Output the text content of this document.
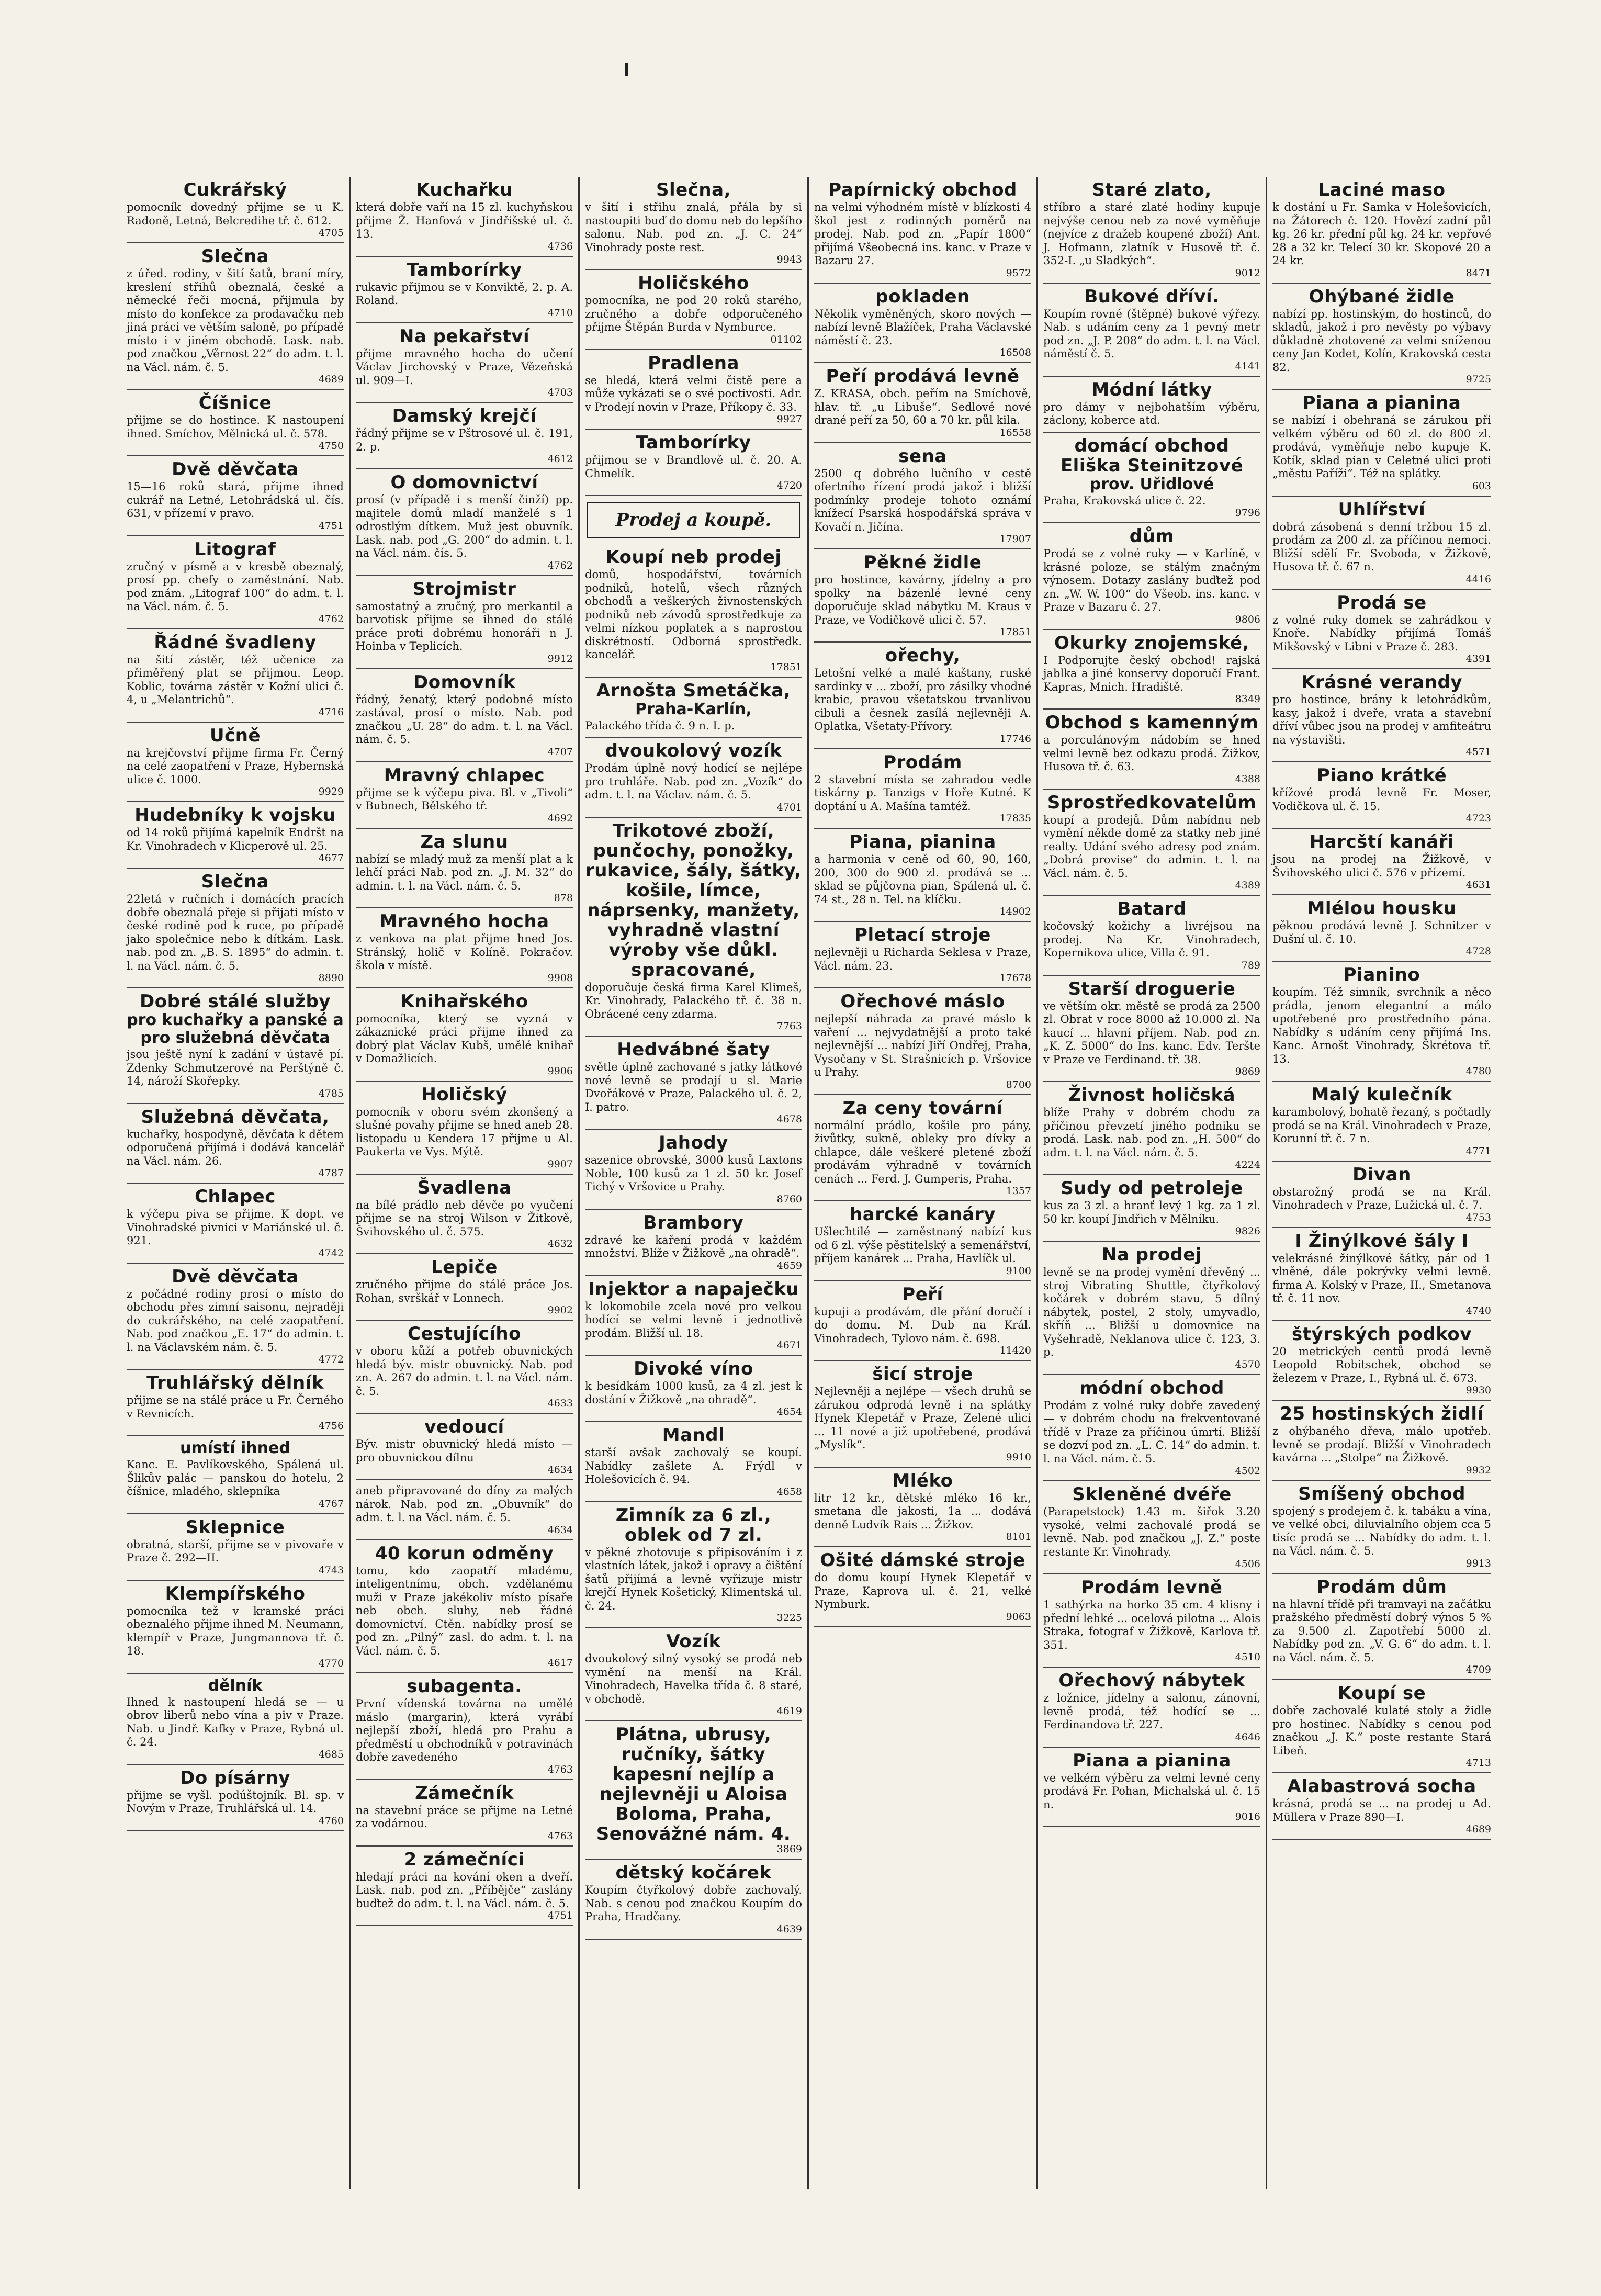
Cukrářský

pomocník dovedný přijme se u K. Radoně, Letná, Belcredihe tř. č. 612.

4705
Slečna

z úřed. rodiny, v šití šatů, braní míry, kreslení střihů obeznalá, české a německé řeči mocná, přijmula by místo do konfekce za prodavačku neb jiná práci ve větším saloně, po případě místo i v jiném obchodě. Lask. nab. pod značkou „Věrnost 22“ do adm. t. l. na Václ. nám. č. 5.

4689
Číšnice

přijme se do hostince. K nastoupení ihned. Smíchov, Mělnická ul. č. 578.

4750
Dvě děvčata

15—16 roků stará, přijme ihned cukrář na Letné, Letohrádská ul. čís. 631, v přízemí v pravo.

4751
Litograf

zručný v písmě a v kresbě obeznalý, prosí pp. chefy o zaměstnání. Nab. pod znám. „Litograf 100“ do adm. t. l. na Václ. nám. č. 5.

4762
Řádné švadleny

na šití zástěr, též učenice za přiměřený plat se přijmou. Leop. Koblic, továrna zástěr v Kožní ulici č. 4, u „Melantrichů“.

4716
Učně

na krejčovství přijme firma Fr. Černý na celé zaopatření v Praze, Hybernská ulice č. 1000.

9929
Hudebníky k vojsku

od 14 roků přijímá kapelník Endršt na Kr. Vinohradech v Klicperově ul. 25.

4677
Slečna

22letá v ručních i domácích pracích dobře obeznalá přeje si přijati místo v české rodině pod k ruce, po případě jako společnice nebo k dítkám. Lask. nab. pod zn. „B. S. 1895“ do admin. t. l. na Václ. nám. č. 5.

8890
Dobré stálé služby
pro kuchařky a panské a pro služebná děvčata

jsou ještě nyní k zadání v ústavě pí. Zdenky Schmutzerové na Perštýně č. 14, nároží Skořepky.

4785
Služebná děvčata,

kuchařky, hospodyně, děvčata k dětem odporučená přijímá i dodává kancelář na Václ. nám. 26.

4787
Chlapec

k výčepu piva se přijme. K dopt. ve Vinohradské pivnici v Mariánské ul. č. 921.

4742
Dvě děvčata

z počádné rodiny prosí o místo do obchodu přes zimní saisonu, nejraději do cukrářského, na celé zaopatření. Nab. pod značkou „E. 17“ do admin. t. l. na Václavském nám. č. 5.

4772
Truhlářský dělník

přijme se na stálé práce u Fr. Černého v Revnicích.

4756
umístí ihned

Kanc. E. Pavlíkovského, Spálená ul. Šlikův palác — panskou do hotelu, 2 číšnice, mladého, sklepníka

4767
Sklepnice

obratná, starší, přijme se v pivovaře v Praze č. 292—II.

4743
Klempířského

pomocníka tež v kramské práci obeznalého přijme ihned M. Neumann, klempíř v Praze, Jungmannova tř. č. 18.

4770
dělník

Ihned k nastoupení hledá se — u obrov liberů nebo vína a piv v Praze. Nab. u Jindř. Kafky v Praze, Rybná ul. č. 24.

4685
Do písárny

přijme se vyšl. podúštojník. Bl. sp. v Novým v Praze, Truhlářská ul. 14.

4760
Kuchařku

která dobře vaří na 15 zl. kuchyňskou přijme Ž. Hanfová v Jindřišské ul. č. 13.

4736
Tamborírky

rukavic přijmou se v Konviktě, 2. p. A. Roland.

4710
Na pekařství

přijme mravného hocha do učení Václav Jirchovský v Praze, Vězeňská ul. 909—I.

4703
Damský krejčí

řádný přijme se v Pštrosové ul. č. 191, 2. p.

4612
O domovnictví

prosí (v případě i s menší činží) pp. majitele domů mladí manželé s 1 odrostlým dítkem. Muž jest obuvník. Lask. nab. pod „G. 200“ do admin. t. l. na Václ. nám. čís. 5.

4762
Strojmistr

samostatný a zručný, pro merkantil a barvotisk přijme se ihned do stálé práce proti dobrému honoráři n J. Hoinba v Teplicích.

9912
Domovník

řádný, ženatý, který podobné místo zastával, prosí o místo. Nab. pod značkou „U. 28“ do adm. t. l. na Václ. nám. č. 5.

4707
Mravný chlapec

přijme se k výčepu piva. Bl. v „Tivoli“ v Bubnech, Bělského tř.

4692
Za slunu

nabízí se mladý muž za menší plat a k lehčí práci Nab. pod zn. „J. M. 32“ do admin. t. l. na Václ. nám. č. 5.

878
Mravného hocha

z venkova na plat přijme hned Jos. Stránský, holič v Kolíně. Pokračov. škola v místě.

9908
Knihařského

pomocníka, který se vyzná v zákaznické práci přijme ihned za dobrý plat Václav Kubš, umělé knihař v Domažlicích.

9906
Holičský

pomocník v oboru svém zkonšený a slušné povahy přijme se hned aneb 28. listopadu u Kendera 17 přijme u Al. Paukerta ve Vys. Mýtě.

9907
Švadlena

na bílé prádlo neb děvče po vyučení přijme se na stroj Wilson v Žitkově, Švihovského ul. č. 575.

4632
Lepiče

zručného přijme do stálé práce Jos. Rohan, svrškář v Lonnech.

9902
Cestujícího

v oboru kůží a potřeb obuvnických hledá býv. mistr obuvnický. Nab. pod zn. A. 267 do admin. t. l. na Václ. nám. č. 5.

4633
vedoucí

Býv. mistr obuvnický hledá místo — pro obuvnickou dílnu

4634

aneb připravované do díny za malých nárok. Nab. pod zn. „Obuvník“ do adm. t. l. na Václ. nám. č. 5.

4634
40 korun odměny

tomu, kdo zaopatří mladému, inteligentnímu, obch. vzdělanému muži v Praze jakékoliv místo písaře neb obch. sluhy, neb řádné domovnictví. Ctěn. nabídky prosí se pod zn. „Pilný“ zasl. do adm. t. l. na Václ. nám. č. 5.

4617
subagenta.

První vídenská továrna na umělé máslo (margarin), která vyrábí nejlepší zboží, hledá pro Prahu a předměstí u obchodníků v potravinách dobře zavedeného

4763
Zámečník

na stavební práce se přijme na Letné za vodárnou.

4763
2 zámečníci

hledají práci na kování oken a dveří. Lask. nab. pod zn. „Příbějče“ zaslány buďtež do adm. t. l. na Václ. nám. č. 5.

4751
Slečna,

v šití i střihu znalá, přála by si nastoupiti buď do domu neb do lepšího salonu. Nab. pod zn. „J. C. 24“ Vinohrady poste rest.

9943
Holičského

pomocníka, ne pod 20 roků starého, zručného a dobře odporučeného přijme Štěpán Burda v Nymburce.

01102
Pradlena

se hledá, která velmi čistě pere a může vykázati se o své poctivosti. Adr. v Prodejí novin v Praze, Příkopy č. 33.

9927
Tamborírky

přijmou se v Brandlově ul. č. 20. A. Chmelík.

4720
Prodej a koupě.
Koupí neb prodej

domů, hospodářství, továrních podniků, hotelů, všech různých obchodů a veškerých živnostenských podniků neb závodů sprostředkuje za velmi nízkou poplatek a s naprostou diskrétností. Odborná sprostředk. kancelář.

17851
Arnošta Smetáčka,
Praha-Karlín,

Palackého třída č. 9 n. I. p.

dvoukolový vozík

Prodám úplně nový hodící se nejlépe pro truhláře. Nab. pod zn. „Vozík“ do adm. t. l. na Václav. nám. č. 5.

4701
Trikotové zboží, punčochy, ponožky, rukavice, šály, šátky, košile, límce, náprsenky, manžety, vyhradně vlastní výroby vše důkl. spracované,

doporučuje česká firma Karel Klimeš, Kr. Vinohrady, Palackého tř. č. 38 n. Obrácené ceny zdarma.

7763
Hedvábné šaty

světle úplně zachované s jatky látkové nové levně se prodají u sl. Marie Dvořákové v Praze, Palackého ul. č. 2, I. patro.

4678
Jahody

sazenice obrovské, 3000 kusů Laxtons Noble, 100 kusů za 1 zl. 50 kr. Josef Tichý v Vršovice u Prahy.

8760
Brambory

zdravé ke kaření prodá v každém množství. Blíže v Žižkově „na ohradě“.

4659
Injektor a napaječku

k lokomobile zcela nové pro velkou hodící se velmi levně i jednotlivě prodám. Bližší ul. 18.

4671
Divoké víno

k besídkám 1000 kusů, za 4 zl. jest k dostání v Žižkově „na ohradě“.

4654
Mandl

starší avšak zachovalý se koupí. Nabídky zašlete A. Frýdl v Holešovicích č. 94.

4658
Zimník za 6 zl., oblek od 7 zl.

v pěkné zhotovuje s připisováním i z vlastních látek, jakož i opravy a čištění šatů přijímá a levně vyřizuje mistr krejčí Hynek Košetický, Klimentská ul. č. 24.

3225
Vozík

dvoukolový silný vysoký se prodá neb vymění na menší na Král. Vinohradech, Havelka třída č. 8 staré, v obchodě.

4619
Plátna, ubrusy, ručníky, šátky kapesní nejlíp a nejlevněji u Aloisa Boloma, Praha, Senovážné nám. 4.
3869
dětský kočárek

Koupím čtyřkolový dobře zachovalý. Nab. s cenou pod značkou Koupím do Praha, Hradčany.

4639
Papírnický obchod

na velmi výhodném místě v blízkosti 4 škol jest z rodinných poměrů na prodej. Nab. pod zn. „Papír 1800“ přijímá Všeobecná ins. kanc. v Praze v Bazaru 27.

9572
pokladen

Několik vyměněných, skoro nových — nabízí levně Blažíček, Praha Václavské náměstí č. 23.

16508
Peří prodává levně

Z. KRASA, obch. peřím na Smíchově, hlav. tř. „u Libuše“. Sedlové nové drané peří za 50, 60 a 70 kr. půl kila.

16558
sena

2500 q dobrého lučního v cestě ofertního řízení prodá jakož i bližší podmínky prodeje tohoto oznámí knížecí Psarská hospodářská správa v Kovačí n. Jičína.

17907
Pěkné židle

pro hostince, kavárny, jídelny a pro spolky na bázenlé levné ceny doporučuje sklad nábytku M. Kraus v Praze, ve Vodičkově ulici č. 57.

17851
ořechy,

Letošní velké a malé kaštany, ruské sardinky v ... zboží, pro zásilky vhodné krabic, pravou všetatskou trvanlivou cibuli a česnek zasílá nejlevněji A. Oplatka, Všetaty-Přívory.

17746
Prodám

2 stavební místa se zahradou vedle tiskárny p. Tanzigs v Hoře Kutné. K doptání u A. Mašína tamtéž.

17835
Piana, pianina

a harmonia v ceně od 60, 90, 160, 200, 300 do 900 zl. prodává se ... sklad se půjčovna pian, Spálená ul. č. 74 st., 28 n. Tel. na klíčku.

14902
Pletací stroje

nejlevněji u Richarda Seklesa v Praze, Václ. nám. 23.

17678
Ořechové máslo

nejlepší náhrada za pravé máslo k vaření ... nejvydatnější a proto také nejlevnější ... nabízí Jiří Ondřej, Praha, Vysočany v St. Strašnicích p. Vršovice u Prahy.

8700
Za ceny tovární

normální prádlo, košile pro pány, živůtky, sukně, obleky pro dívky a chlapce, dále veškeré pletené zboží prodávám výhradně v továrních cenách ... Ferd. J. Gumperis, Praha.

1357
harcké kanáry

Ušlechtilé — zaměstnaný nabízí kus od 6 zl. výše pěstitelský a semenářství, příjem kanárek ... Praha, Havlíčk ul.

9100
Peří

kupuji a prodávám, dle přání doručí i do domu. M. Dub na Král. Vinohradech, Tylovo nám. č. 698.

11420
šicí stroje

Nejlevněji a nejlépe — všech druhů se zárukou odprodá levně i na splátky Hynek Klepetář v Praze, Zelené ulici ... 11 nové a již upotřebené, prodává „Myslík“.

9910
Mléko

litr 12 kr., dětské mléko 16 kr., smetana dle jakosti, 1a ... dodává denně Ludvík Rais ... Žižkov.

8101
Ošité dámské stroje

do domu koupí Hynek Klepetář v Praze, Kaprova ul. č. 21, velké Nymburk.

9063
Staré zlato,

stříbro a staré zlaté hodiny kupuje nejvýše cenou neb za nové vyměňuje (nejvíce z dražeb koupené zboží) Ant. J. Hofmann, zlatník v Husově tř. č. 352-I. „u Sladkých“.

9012
Bukové dříví.

Koupím rovné (štěpné) bukové výřezy. Nab. s udáním ceny za 1 pevný metr pod zn. „J. P. 208“ do adm. t. l. na Václ. náměstí č. 5.

4141
Módní látky

pro dámy v nejbohatším výběru, záclony, koberce atd.

domácí obchod Eliška Steinitzové
prov. Uřidlové

Praha, Krakovská ulice č. 22.

9796
dům

Prodá se z volné ruky — v Karlíně, v krásné poloze, se stálým značným výnosem. Dotazy zaslány buďtež pod zn. „W. W. 100“ do Všeob. ins. kanc. v Praze v Bazaru č. 27.

9806
Okurky znojemské,

I Podporujte český obchod! rajská jablka a jiné konservy doporučí Frant. Kapras, Mnich. Hradiště.

8349
Obchod s kamenným

a porculánovým nádobím se hned velmi levně bez odkazu prodá. Žižkov, Husova tř. č. 63.

4388
Sprostředkovatelům

koupí a prodejů. Dům nabídnu neb vymění někde domě za statky neb jiné realty. Udání svého adresy pod znám. „Dobrá provise“ do admin. t. l. na Václ. nám. č. 5.

4389
Batard

kočovský kožichy a livréjsou na prodej. Na Kr. Vinohradech, Kopernikova ulice, Villa č. 91.

789
Starší droguerie

ve větším okr. městě se prodá za 2500 zl. Obrat v roce 8000 až 10.000 zl. Na kaucí ... hlavní příjem. Nab. pod zn. „K. Z. 5000“ do Ins. kanc. Edv. Teršte v Praze ve Ferdinand. tř. 38.

9869
Živnost holičská

blíže Prahy v dobrém chodu za příčinou převzetí jiného podniku se prodá. Lask. nab. pod zn. „H. 500“ do adm. t. l. na Václ. nám. č. 5.

4224
Sudy od petroleje

kus za 3 zl. a hranť levý 1 kg. za 1 zl. 50 kr. koupí Jindřich v Mělníku.

9826
Na prodej

levně se na prodej vymění dřevěný ... stroj Vibrating Shuttle, čtyřkolový kočárek v dobrém stavu, 5 dílný nábytek, postel, 2 stoly, umyvadlo, skříň ... Bližší u domovnice na Vyšehradě, Neklanova ulice č. 123, 3. p.

4570
módní obchod

Prodám z volné ruky dobře zavedený — v dobrém chodu na frekventované třídě v Praze za příčinou úmrtí. Bližší se dozví pod zn. „L. C. 14“ do admin. t. l. na Václ. nám. č. 5.

4502
Skleněné dvéře

(Parapetstock) 1.43 m. šiřok 3.20 vysoké, velmi zachovalé prodá se levně. Nab. pod značkou „J. Z.“ poste restante Kr. Vinohrady.

4506
Prodám levně

1 sathýrka na horko 35 cm. 4 klisny i přední lehké ... ocelová pilotna ... Alois Straka, fotograf v Žižkově, Karlova tř. 351.

4510
Ořechový nábytek

z ložnice, jídelny a salonu, zánovní, levně prodá, též hodící se ... Ferdinandova tř. 227.

4646
Piana a pianina

ve velkém výběru za velmi levné ceny prodává Fr. Pohan, Michalská ul. č. 15 n.

9016
Laciné maso

k dostání u Fr. Samka v Holešovicích, na Žátorech č. 120. Hovězí zadní půl kg. 26 kr. přední půl kg. 24 kr. vepřové 28 a 32 kr. Telecí 30 kr. Skopové 20 a 24 kr.

8471
Ohýbané židle

nabízí pp. hostinským, do hostinců, do skladů, jakož i pro nevěsty po výbavy důkladně zhotovené za velmi sníženou ceny Jan Kodet, Kolín, Krakovská cesta 82.

9725
Piana a pianina

se nabízí i obehraná se zárukou při velkém výběru od 60 zl. do 800 zl. prodává, vyměňuje nebo kupuje K. Kotík, sklad pian v Celetné ulici proti „městu Paříži“. Též na splátky.

603
Uhlířství

dobrá zásobená s denní tržbou 15 zl. prodám za 200 zl. za příčinou nemoci. Bližší sdělí Fr. Svoboda, v Žižkově, Husova tř. č. 67 n.

4416
Prodá se

z volné ruky domek se zahrádkou v Knoře. Nabídky přijímá Tomáš Mikšovský v Libni v Praze č. 283.

4391
Krásné verandy

pro hostince, brány k letohrádkům, kasy, jakož i dveře, vrata a stavební dříví vůbec jsou na prodej v amfiteátru na výstavišti.

4571
Piano krátké

křížové prodá levně Fr. Moser, Vodičkova ul. č. 15.

4723
Harcští kanáři

jsou na prodej na Žižkově, v Švihovského ulici č. 576 v přízemí.

4631
Mlélou housku

pěknou prodává levně J. Schnitzer v Dušní ul. č. 10.

4728
Pianino

koupím. Též simník, svrchník a něco prádla, jenom elegantní a málo upotřebené pro prostředního pána. Nabídky s udáním ceny přijímá Ins. Kanc. Arnošt Vinohrady, Škrétova tř. 13.

4780
Malý kulečník

karambolový, bohatě řezaný, s počtadly prodá se na Král. Vinohradech v Praze, Korunní tř. č. 7 n.

4771
Divan

obstarožný prodá se na Král. Vinohradech v Praze, Lužická ul. č. 7.

4753
I Žinýlkové šály I

velekrásné žinýlkové šátky, pár od 1 vlněné, dále pokrývky velmi levně. firma A. Kolský v Praze, II., Smetanova tř. č. 11 nov.

4740
štýrských podkov

20 metrických centů prodá levně Leopold Robitschek, obchod se železem v Praze, I., Rybná ul. č. 673.

9930
25 hostinských židlí

z ohýbaného dřeva, málo upotřeb. levně se prodají. Bližší v Vinohradech kavárna ... „Stolpe“ na Žižkově.

9932
Smíšený obchod

spojený s prodejem č. k. tabáku a vína, ve velké obci, diluvialního objem cca 5 tisíc prodá se ... Nabídky do adm. t. l. na Václ. nám. č. 5.

9913
Prodám dům

na hlavní třídě při tramvayi na začátku pražského předměstí dobrý výnos 5 % za 9.500 zl. Zapotřebí 5000 zl. Nabídky pod zn. „V. G. 6“ do adm. t. l. na Václ. nám. č. 5.

4709
Koupí se

dobře zachovalé kulaté stoly a židle pro hostinec. Nabídky s cenou pod značkou „J. K.“ poste restante Stará Libeň.

4713
Alabastrová socha

krásná, prodá se ... na prodej u Ad. Müllera v Praze 890—I.

4689
